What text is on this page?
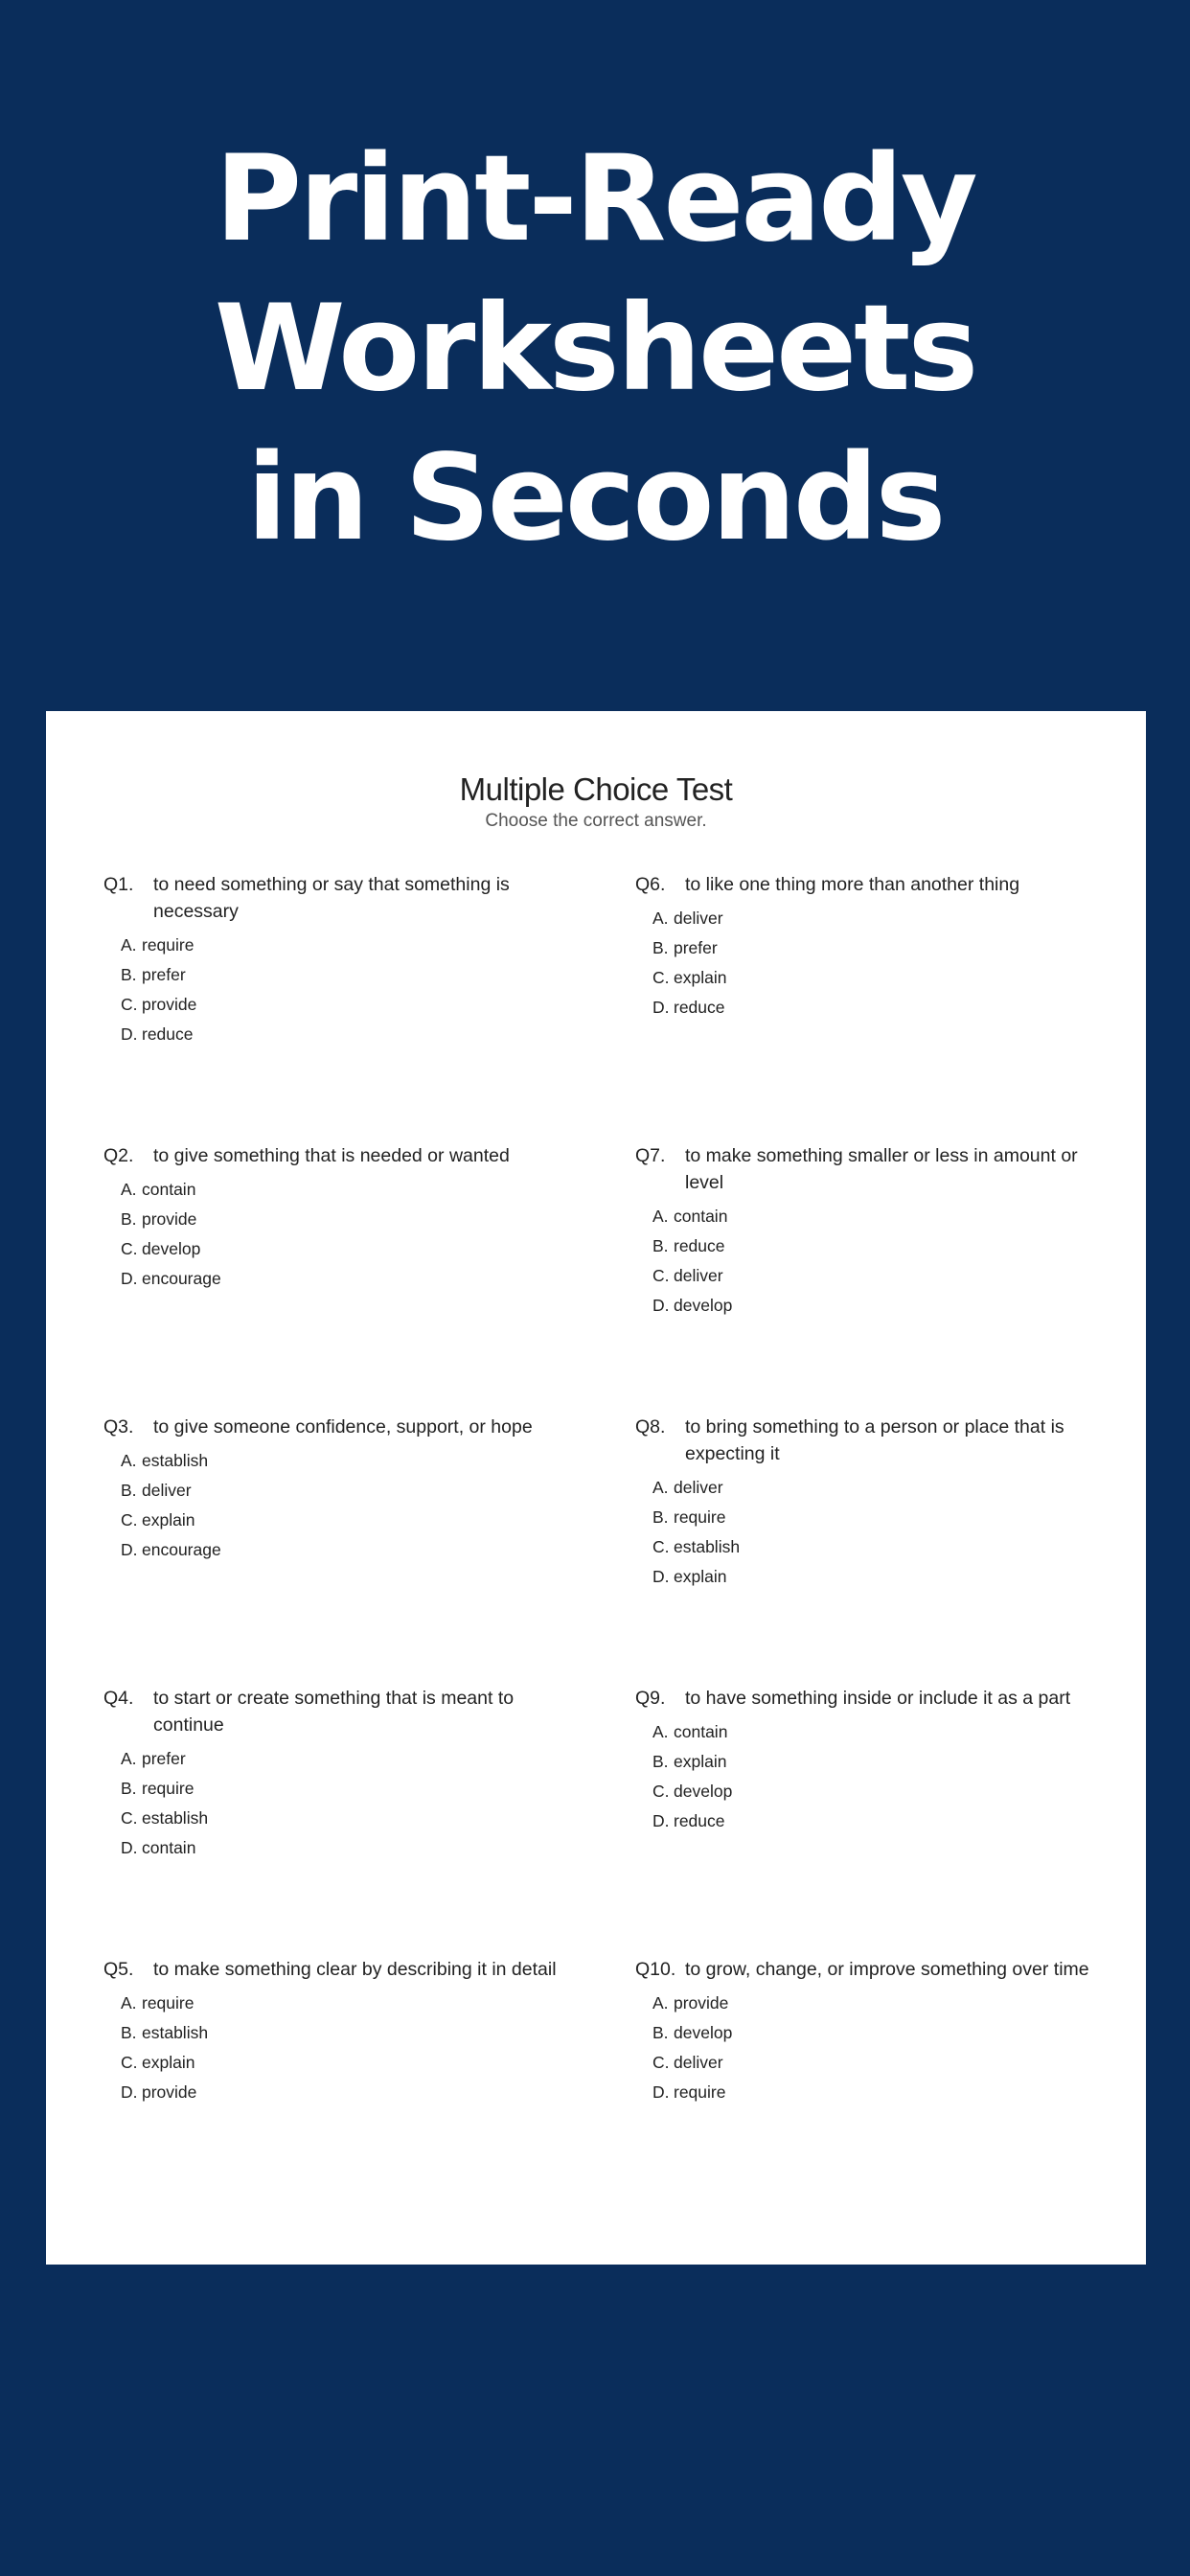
Print-Ready
Worksheets
in Seconds
Multiple Choice Test
Choose the correct answer.
Q1.	to need something or say that something is necessary
A. require
B. prefer
C. provide
D. reduce
Q2.	to give something that is needed or wanted
A. contain
B. provide
C. develop
D. encourage
Q3.	to give someone confidence, support, or hope
A. establish
B. deliver
C. explain
D. encourage
Q4.	to start or create something that is meant to continue
A. prefer
B. require
C. establish
D. contain
Q5.	to make something clear by describing it in detail
A. require
B. establish
C. explain
D. provide
Q6.	to like one thing more than another thing
A. deliver
B. prefer
C. explain
D. reduce
Q7.	to make something smaller or less in amount or level
A. contain
B. reduce
C. deliver
D. develop
Q8.	to bring something to a person or place that is expecting it
A. deliver
B. require
C. establish
D. explain
Q9.	to have something inside or include it as a part
A. contain
B. explain
C. develop
D. reduce
Q10. to grow, change, or improve something over time
A. provide
B. develop
C. deliver
D. require
